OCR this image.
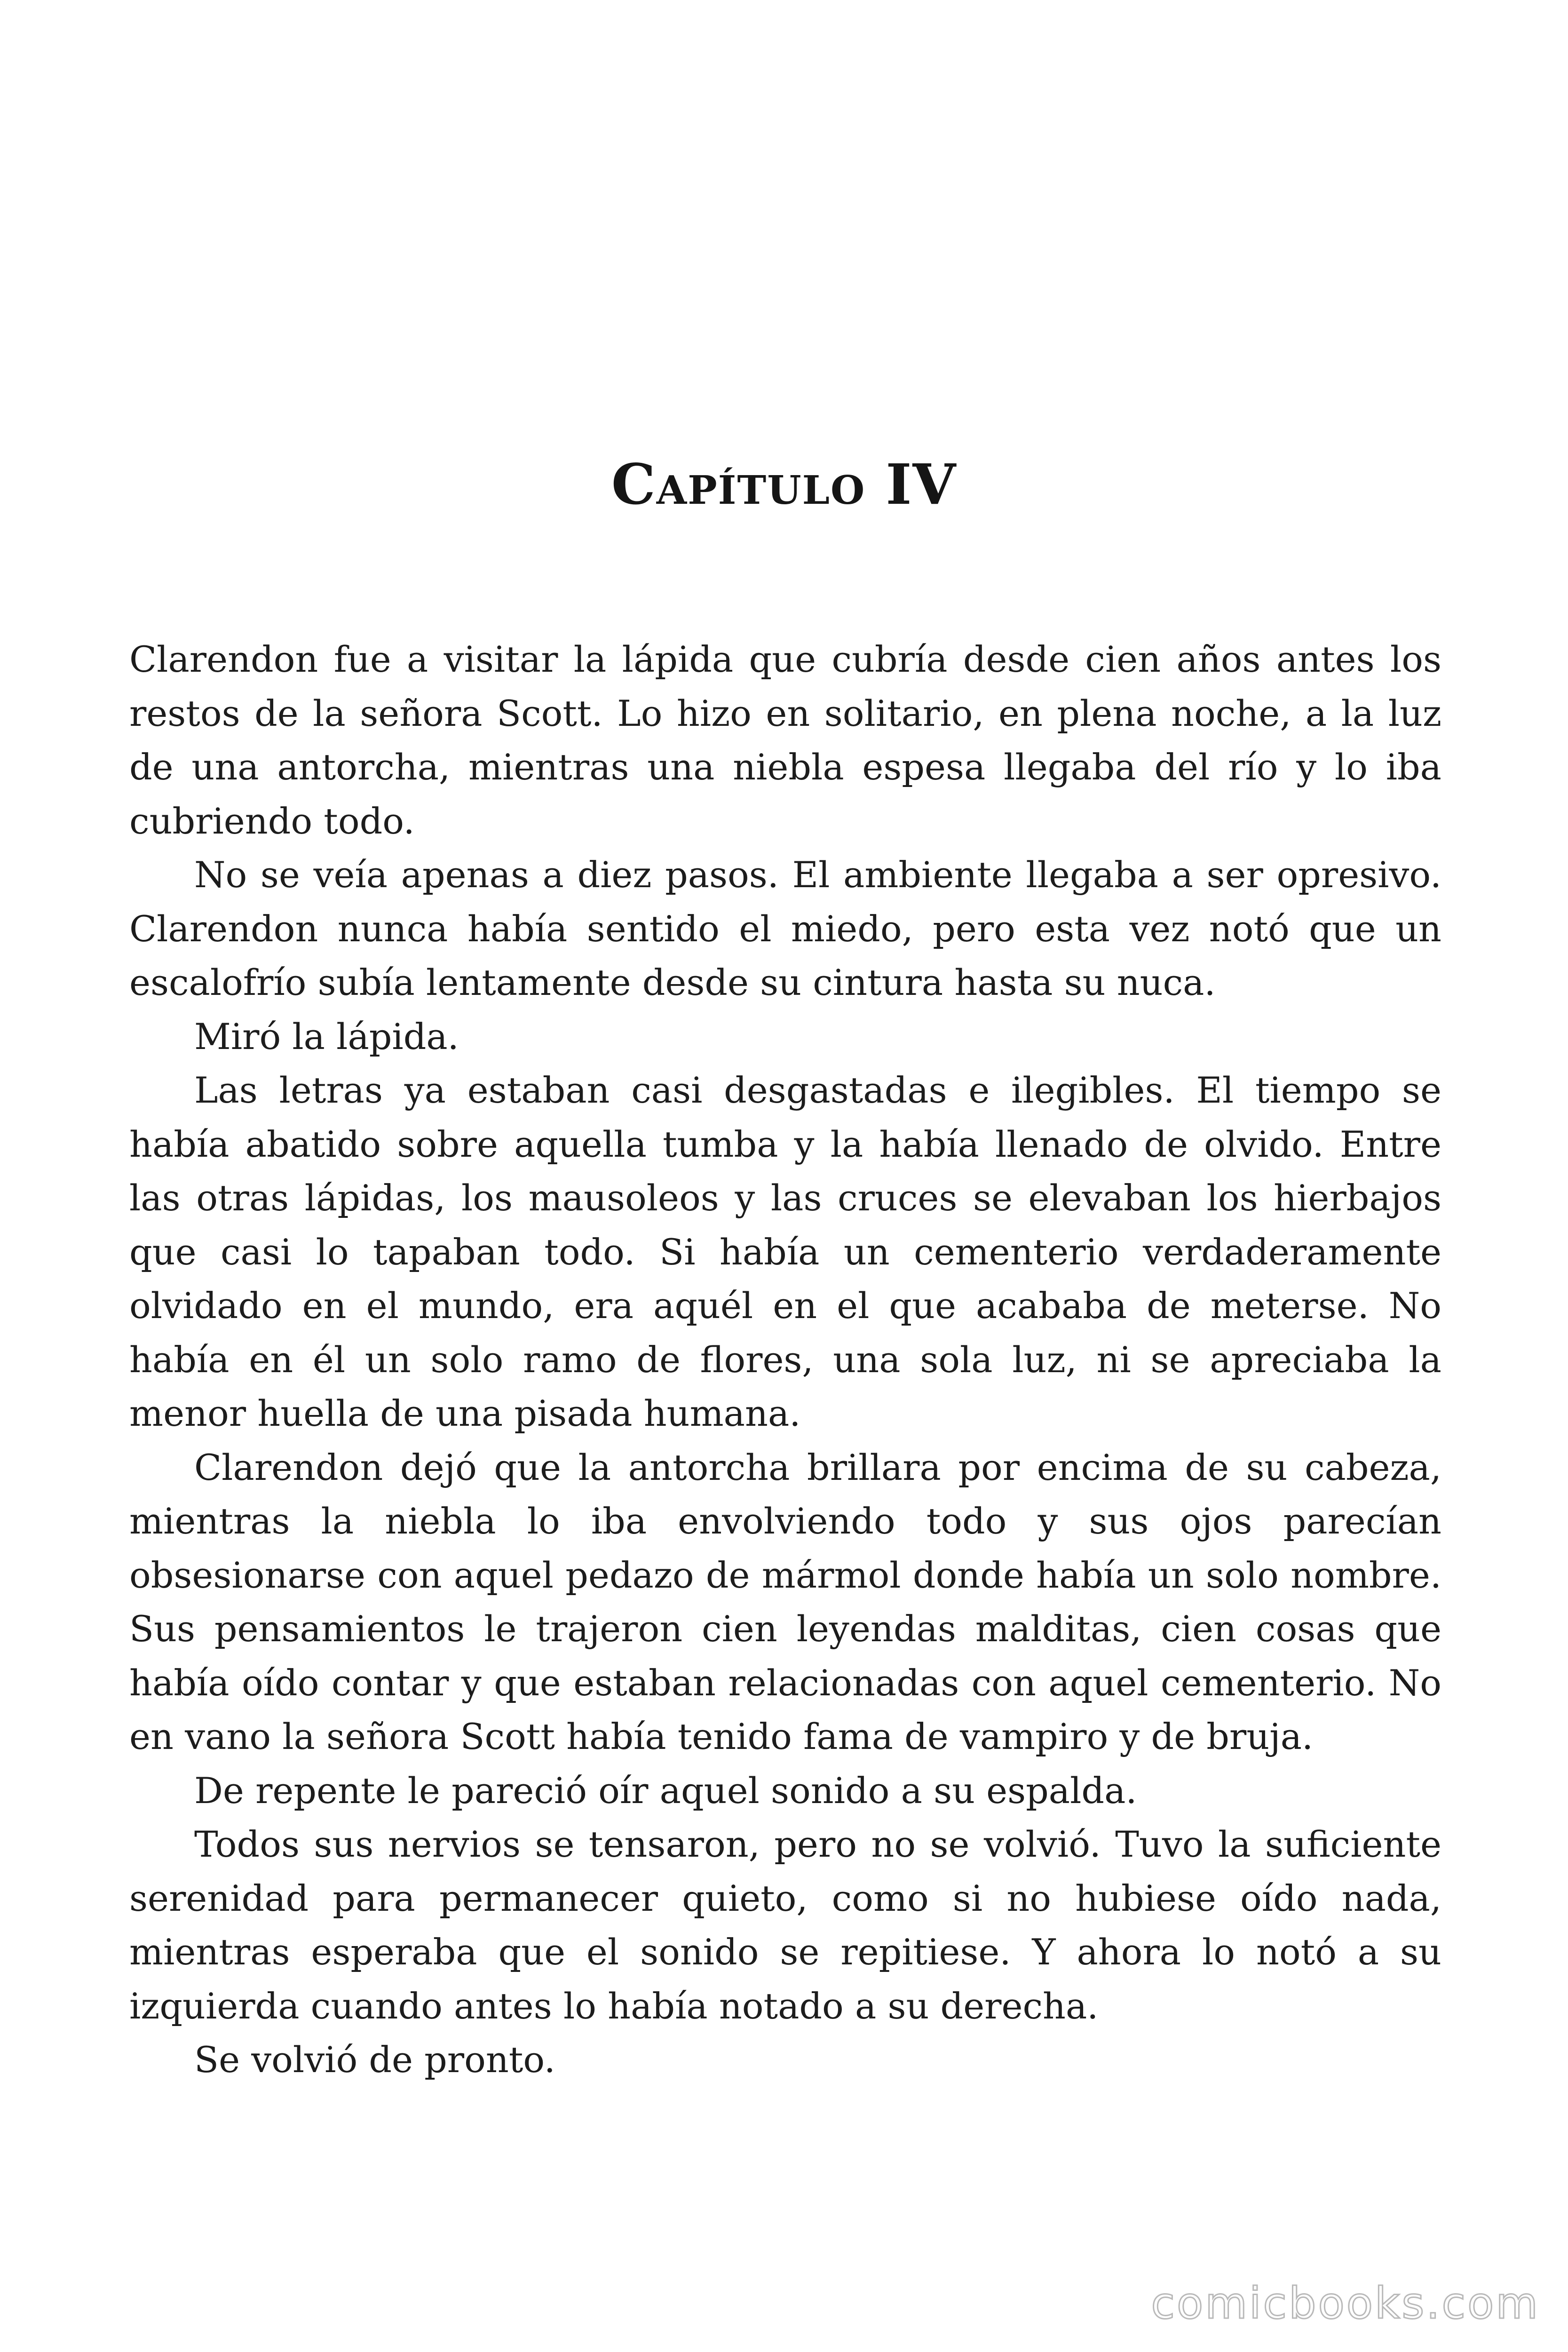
Capítulo IV

Clarendon fue a visitar la lápida que cubría desde cien años antes los restos de la señora Scott. Lo hizo en solitario, en plena noche, a la luz de una antorcha, mientras una niebla espesa llegaba del río y lo iba cubriendo todo.

No se veía apenas a diez pasos. El ambiente llegaba a ser opresivo. Clarendon nunca había sentido el miedo, pero esta vez notó que un escalofrío subía lentamente desde su cintura hasta su nuca.

Miró la lápida.

Las letras ya estaban casi desgastadas e ilegibles. El tiempo se había abatido sobre aquella tumba y la había llenado de olvido. Entre las otras lápidas, los mausoleos y las cruces se elevaban los hierbajos que casi lo tapaban todo. Si había un cementerio verdaderamente olvidado en el mundo, era aquél en el que acababa de meterse. No había en él un solo ramo de flores, una sola luz, ni se apreciaba la menor huella de una pisada humana.

Clarendon dejó que la antorcha brillara por encima de su cabeza, mientras la niebla lo iba envolviendo todo y sus ojos parecían obsesionarse con aquel pedazo de mármol donde había un solo nombre. Sus pensamientos le trajeron cien leyendas malditas, cien cosas que había oído contar y que estaban relacionadas con aquel cementerio. No en vano la señora Scott había tenido fama de vampiro y de bruja.

De repente le pareció oír aquel sonido a su espalda.

Todos sus nervios se tensaron, pero no se volvió. Tuvo la suficiente serenidad para permanecer quieto, como si no hubiese oído nada, mientras esperaba que el sonido se repitiese. Y ahora lo notó a su izquierda cuando antes lo había notado a su derecha.

Se volvió de pronto.

comicbooks.com
